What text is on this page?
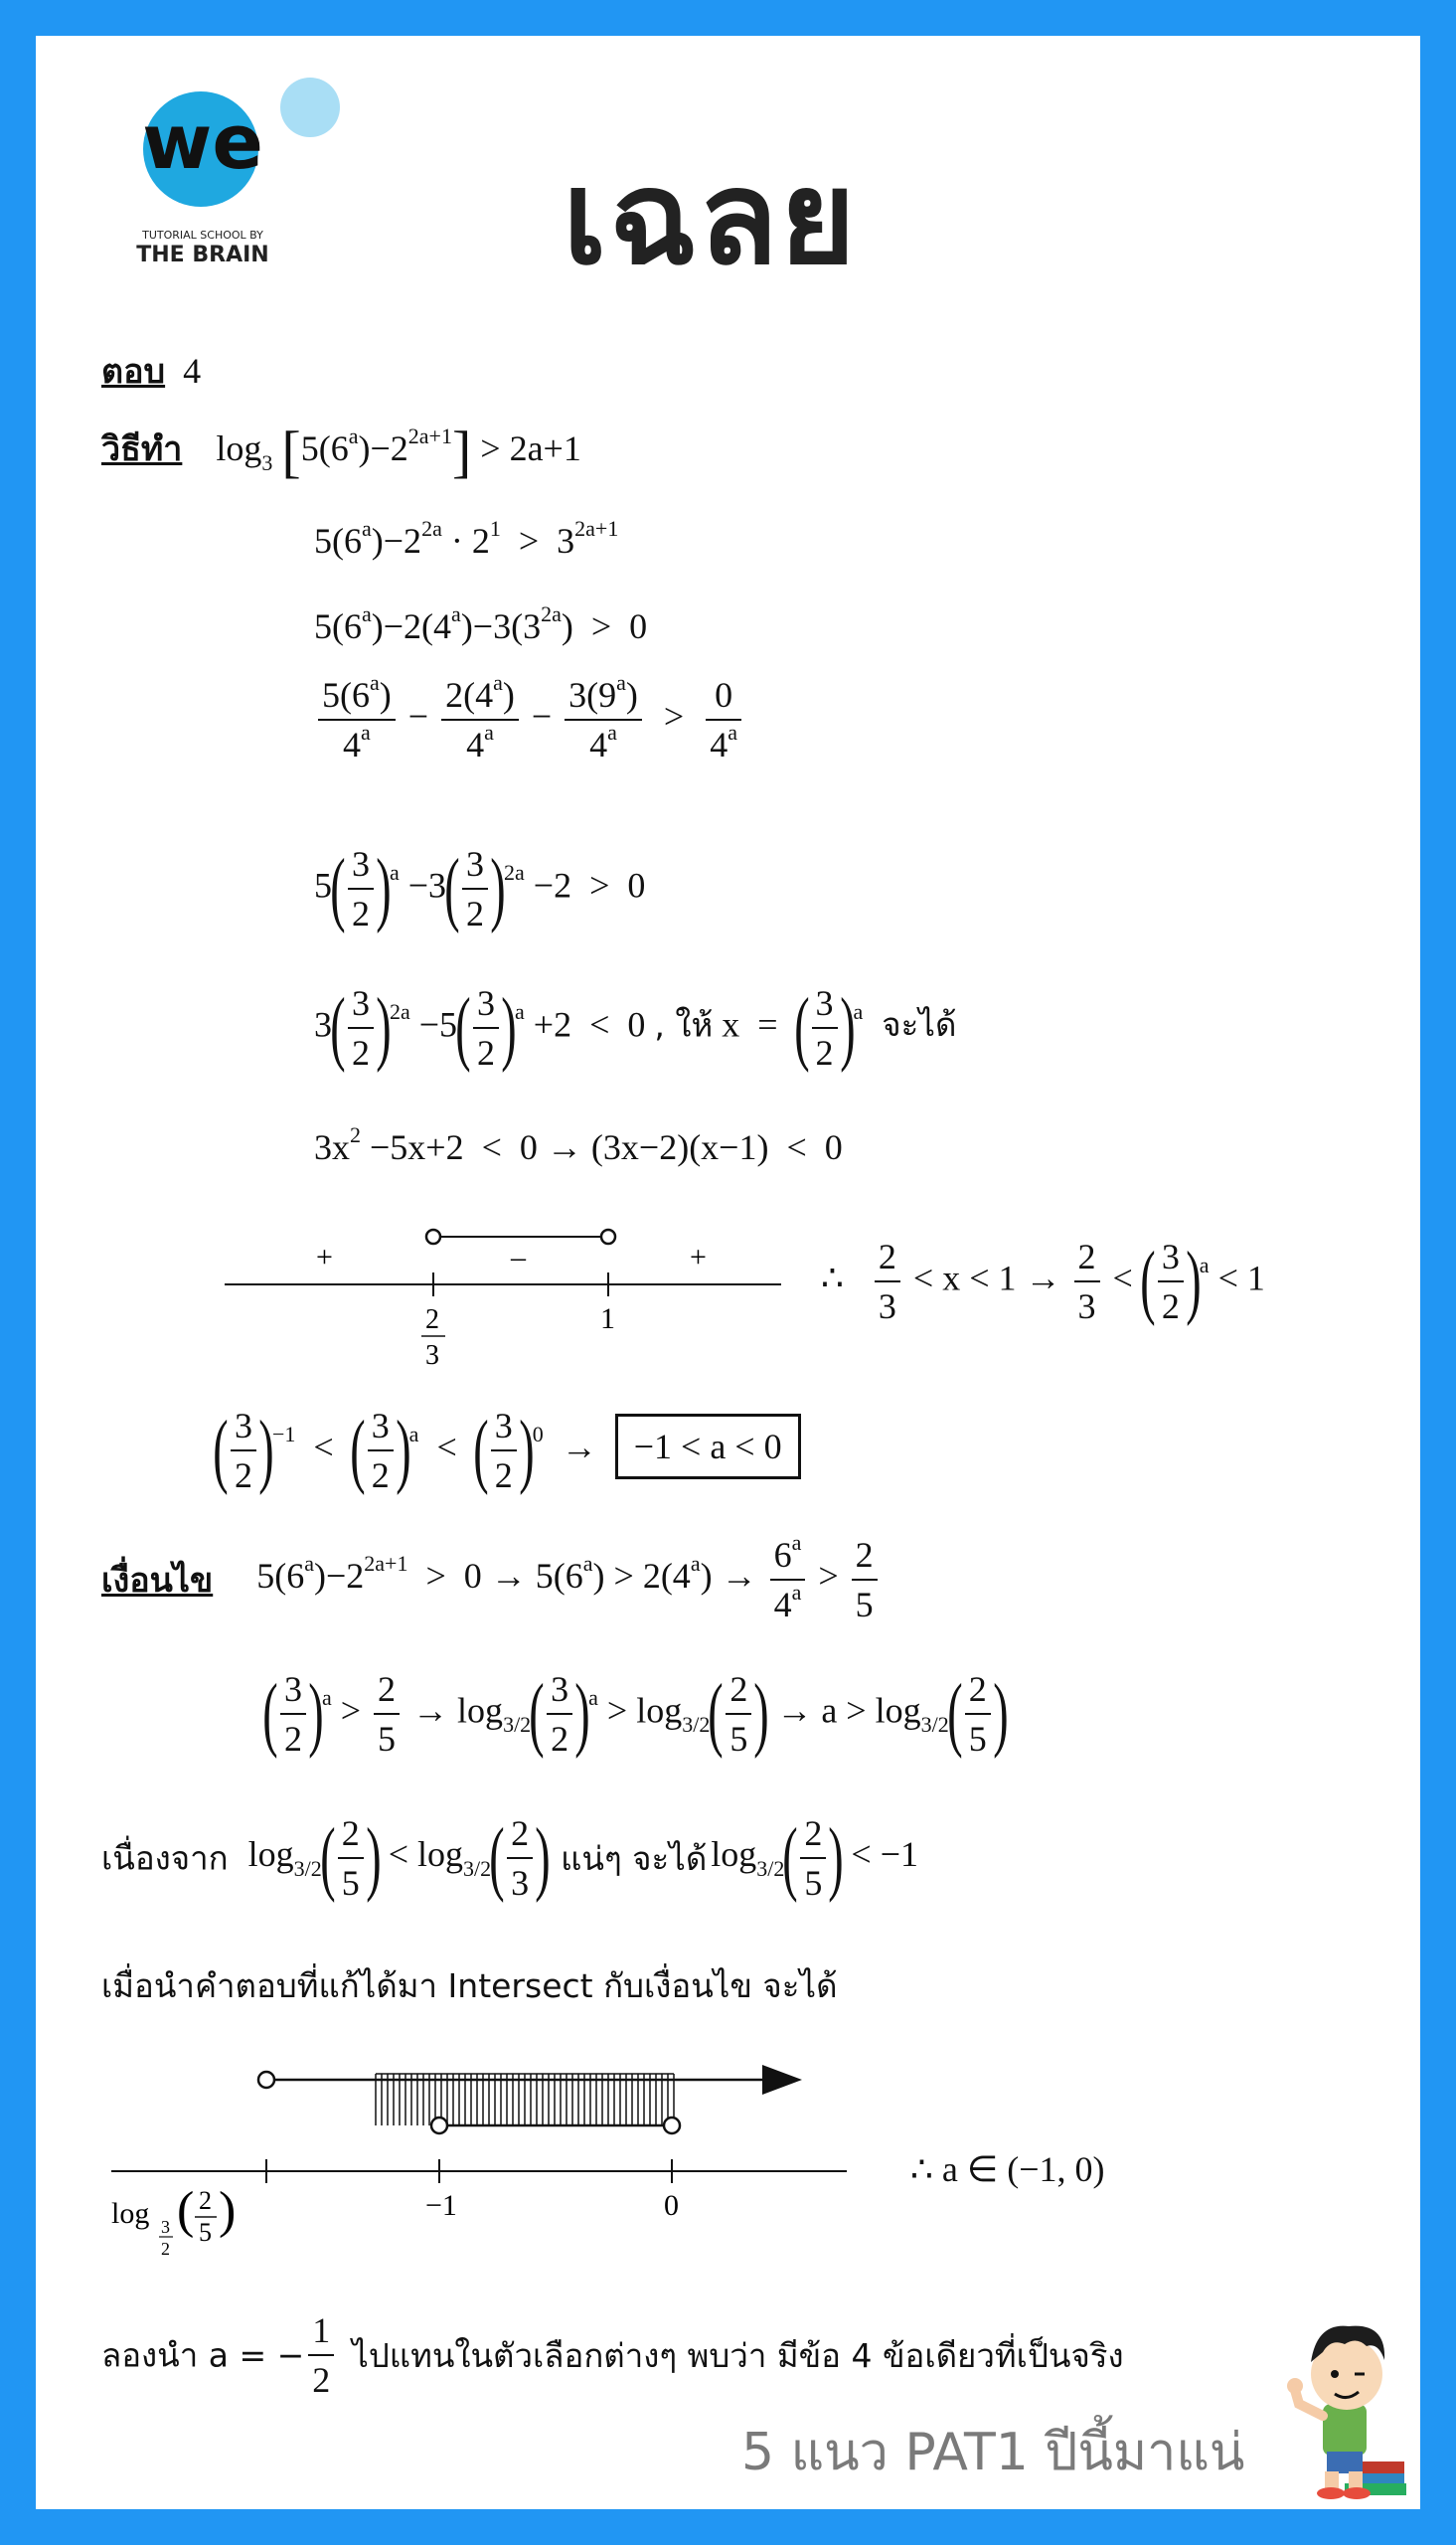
we
TUTORIAL SCHOOL BY
THE BRAIN เฉลย
ตอบ 4
วิธีทำ $\log_3 [5(6^a)-2^{2a+1}] > 2a+1$
$5(6^a)-2^{2a} \cdot 2^1 > 3^{2a+1}$
$5(6^a)-2(4^a)-3(3^{2a}) > 0$
$\frac{5(6^a)}{4^a} - \frac{2(4^a)}{4^a} - \frac{3(9^a)}{4^a} > \frac{0}{4^a}$
$5( \frac{3}{2} )^a -3( \frac{3}{2} )^{2a} -2 > 0$
$3( \frac{3}{2} )^{2a} -5( \frac{3}{2} )^a +2 < 0$ , ให้ x  =  ( $\frac{3}{2} )^a$ จะได้
$3x^2 -5x+2 < 0 \to (3x-2)(x-1) < 0$
+	–	+
2
3
1
∴ $\frac{2}{3} < x < 1 \to \frac{2}{3}$ < ( $\frac{3}{2} )^a < 1$
( $\frac{3}{2} )^{-1}$  <  ( $\frac{3}{2} )^a$  <  ( $\frac{3}{2} )^0 \to -1 < a < 0$
เงื่อนไข $5(6^a)-2^{2a+1} > 0 \to 5(6^a) > 2(4^a) \to \frac{6^a}{4^a} > \frac{2}{5}$
( $\frac{3}{2} )^a > \frac{2}{5} \to \log_{3/2}( \frac{3}{2} )^a > \log_{3/2}( \frac{2}{5}$ ) → $a > \log_{3/2}( \frac{2}{5}$ )
เนื่องจาก $\log_{3/2}( \frac{2}{5}$ ) < $\log_{3/2}( \frac{2}{3}$ ) แน่ๆ จะได้ $\log_{3/2}( \frac{2}{5}$ ) < −1
เมื่อนำคำตอบที่แก้ได้มา Intersect กับเงื่อนไข จะได้
log 3
2
( 2
5 )	−1	0
∴ a ∈ (−1, 0)
ลองนำ a = − $\frac{1}{2}$ ไปแทนในตัวเลือกต่างๆ พบว่า มีข้อ 4 ข้อเดียวที่เป็นจริง
5 แนว PAT1 ปีนี้มาแน่
